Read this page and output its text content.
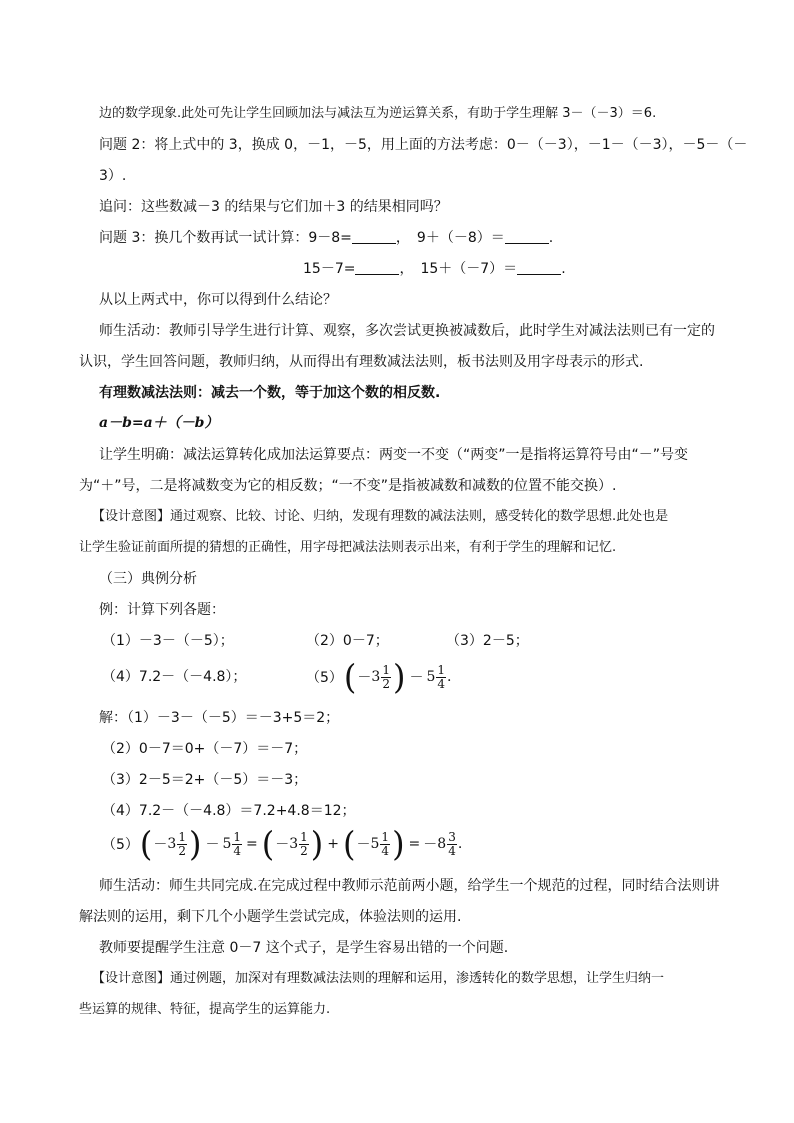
边的数学现象.此处可先让学生回顾加法与减法互为逆运算关系，有助于学生理解 3－（－3）＝6.
问题 2：将上式中的 3，换成 0，－1，－5，用上面的方法考虑：0－（－3），－1－（－3），－5－（－
3）.
追问：这些数减－3 的结果与它们加＋3 的结果相同吗？
问题 3：换几个数再试一试计算：9－8=	，　9＋（－8）＝	.
15－7=	，　15＋（－7）＝	.
从以上两式中，你可以得到什么结论？
师生活动：教师引导学生进行计算、观察，多次尝试更换被减数后，此时学生对减法法则已有一定的
认识，学生回答问题，教师归纳，从而得出有理数减法法则，板书法则及用字母表示的形式.
有理数减法法则：减去一个数，等于加这个数的相反数.
a－b=a＋（－b）
让学生明确：减法运算转化成加法运算要点：两变一不变（“两变”一是指将运算符号由“－”号变
为“＋”号，二是将减数变为它的相反数；“一不变”是指被减数和减数的位置不能交换）.
【设计意图】通过观察、比较、讨论、归纳，发现有理数的减法法则，感受转化的数学思想.此处也是
让学生验证前面所提的猜想的正确性，用字母把减法法则表示出来，有利于学生的理解和记忆.
（三）典例分析
例：计算下列各题：
（1）－3－（－5）；	（2）0－7；	（3）2－5；
（4）7.2－（－4.8）；	（5） ( － $3 \frac{1}{2}$ ) － $5 \frac{1}{4}$ .
解：（1）－3－（－5）＝－3+5＝2；
（2）0－7＝0+（－7）＝－7；
（3）2－5＝2+（－5）＝－3；
（4）7.2－（－4.8）＝7.2+4.8＝12；
（5） ( － $3 \frac{1}{2}$ ) － $5 \frac{1}{4}$ = ( － $3 \frac{1}{2}$ ) + ( － $5 \frac{1}{4}$ ) = － $8 \frac{3}{4}$ .
师生活动：师生共同完成.在完成过程中教师示范前两小题，给学生一个规范的过程，同时结合法则讲
解法则的运用，剩下几个小题学生尝试完成，体验法则的运用.
教师要提醒学生注意 0－7 这个式子，是学生容易出错的一个问题.
【设计意图】通过例题，加深对有理数减法法则的理解和运用，渗透转化的数学思想，让学生归纳一
些运算的规律、特征，提高学生的运算能力.
